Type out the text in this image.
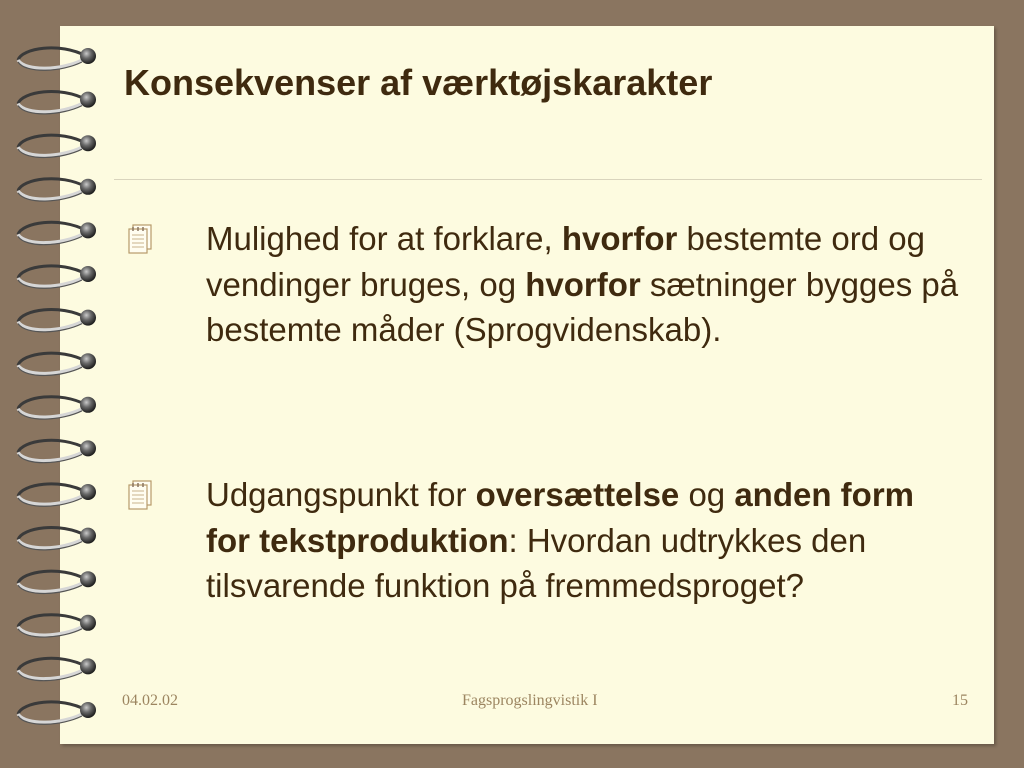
Konsekvenser af værktøjskarakter
Mulighed for at forklare, hvorfor bestemte ord og vendinger bruges, og hvorfor sætninger bygges på bestemte måder (Sprogvidenskab).
Udgangspunkt for oversættelse og anden form for tekstproduktion: Hvordan udtrykkes den tilsvarende funktion på fremmedsproget?
04.02.02	Fagsprogslingvistik I	15
